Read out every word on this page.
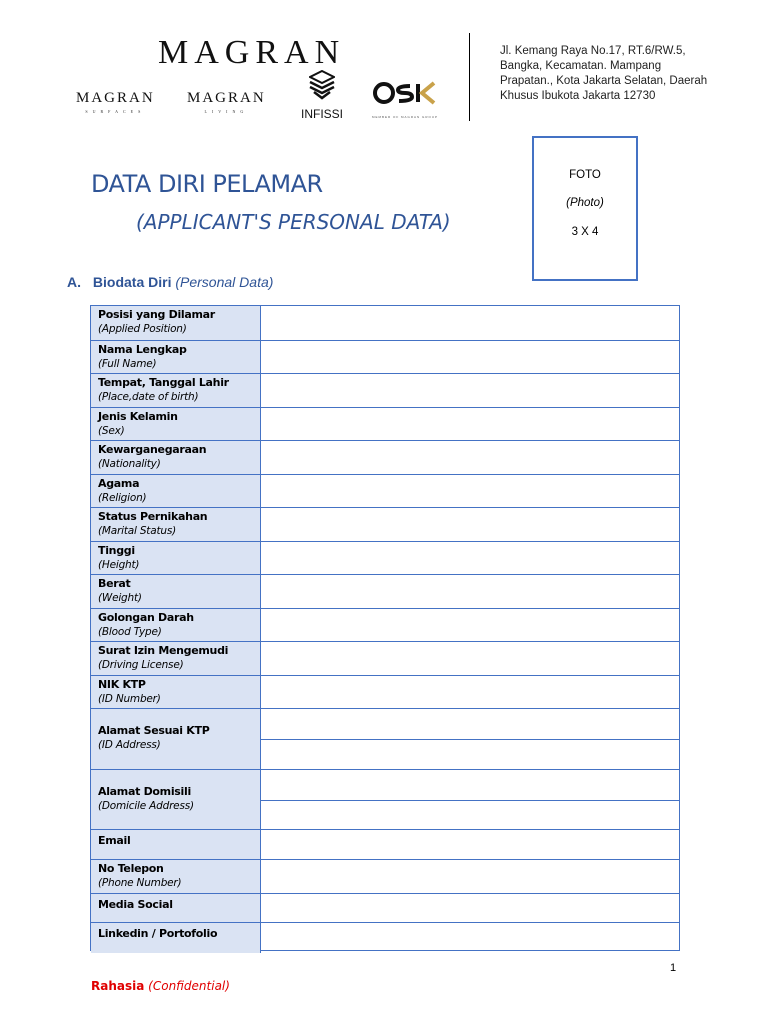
MAGRAN
MAGRAN
SURFACES
MAGRAN
LIVING	INFISSI	MEMBER OF MAGRAN GROUP
Jl. Kemang Raya No.17, RT.6/RW.5,
Bangka, Kecamatan. Mampang
Prapatan., Kota Jakarta Selatan, Daerah
Khusus Ibukota Jakarta 12730
DATA DIRI PELAMAR
(APPLICANT'S PERSONAL DATA)
FOTO
(Photo)
3 X 4
A. Biodata Diri (Personal Data)
Posisi yang Dilamar
(Applied Position)
Nama Lengkap
(Full Name)
Tempat, Tanggal Lahir
(Place,date of birth)
Jenis Kelamin
(Sex)
Kewarganegaraan
(Nationality)
Agama
(Religion)
Status Pernikahan
(Marital Status)
Tinggi
(Height)
Berat
(Weight)
Golongan Darah
(Blood Type)
Surat Izin Mengemudi
(Driving License)
NIK KTP
(ID Number)
Alamat Sesuai KTP
(ID Address)
Alamat Domisili
(Domicile Address)
Email
No Telepon
(Phone Number)
Media Social
Linkedin / Portofolio
1
Rahasia (Confidential)
